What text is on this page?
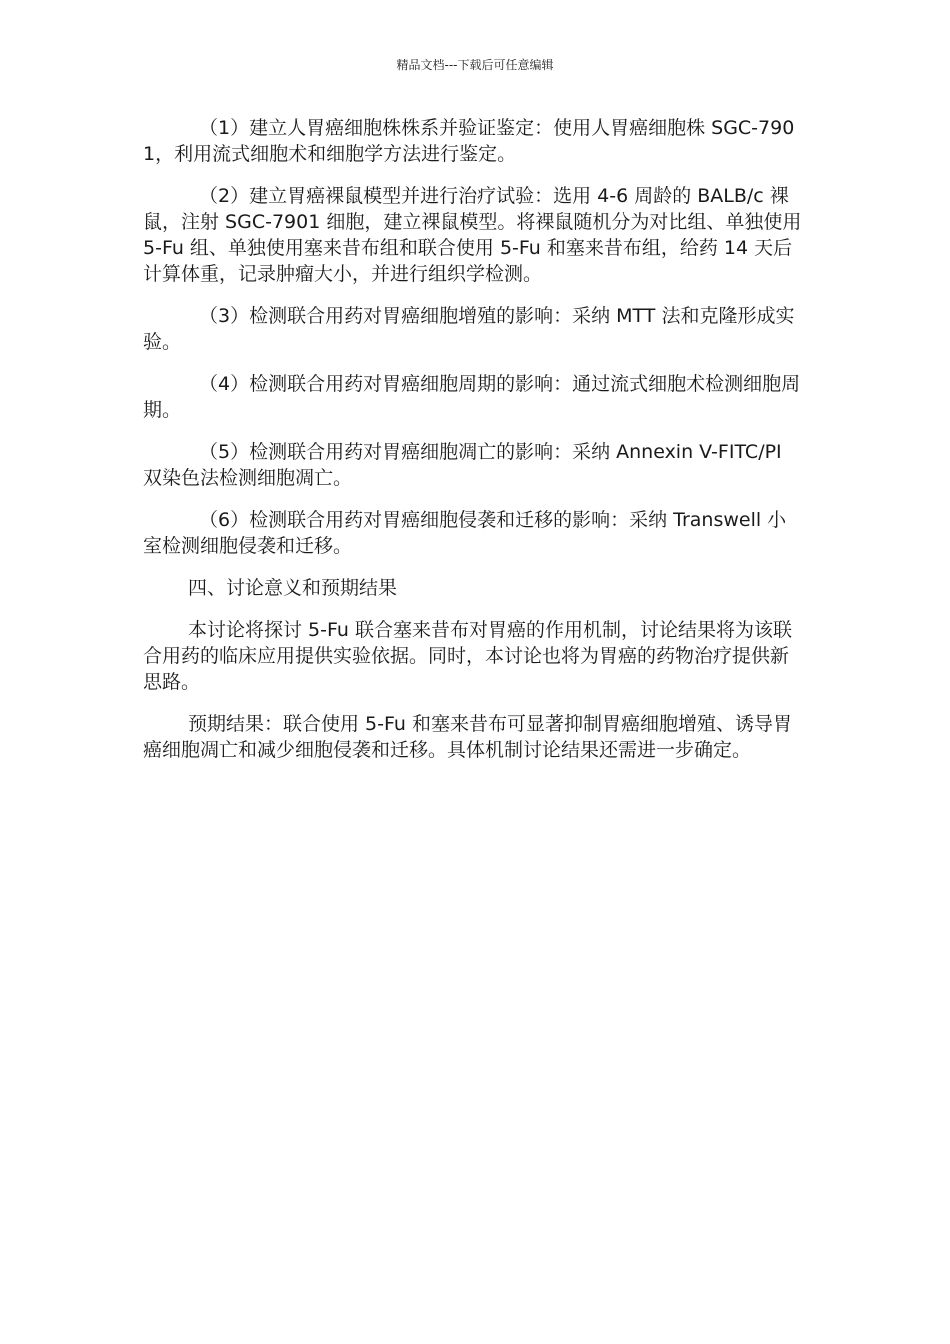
精品文档---下载后可任意编辑

（1）建立人胃癌细胞株株系并验证鉴定：使用人胃癌细胞株 SGC-7901，利用流式细胞术和细胞学方法进行鉴定。

（2）建立胃癌裸鼠模型并进行治疗试验：选用 4-6 周龄的 BALB/c 裸鼠，注射 SGC-7901 细胞，建立裸鼠模型。将裸鼠随机分为对比组、单独使用 5-Fu 组、单独使用塞来昔布组和联合使用 5-Fu 和塞来昔布组，给药 14 天后计算体重，记录肿瘤大小，并进行组织学检测。

（3）检测联合用药对胃癌细胞增殖的影响：采纳 MTT 法和克隆形成实验。

（4）检测联合用药对胃癌细胞周期的影响：通过流式细胞术检测细胞周期。

（5）检测联合用药对胃癌细胞凋亡的影响：采纳 Annexin V-FITC/PI 双染色法检测细胞凋亡。

（6）检测联合用药对胃癌细胞侵袭和迁移的影响：采纳 Transwell 小室检测细胞侵袭和迁移。

四、讨论意义和预期结果

本讨论将探讨 5-Fu 联合塞来昔布对胃癌的作用机制，讨论结果将为该联合用药的临床应用提供实验依据。同时，本讨论也将为胃癌的药物治疗提供新思路。

预期结果：联合使用 5-Fu 和塞来昔布可显著抑制胃癌细胞增殖、诱导胃癌细胞凋亡和减少细胞侵袭和迁移。具体机制讨论结果还需进一步确定。
